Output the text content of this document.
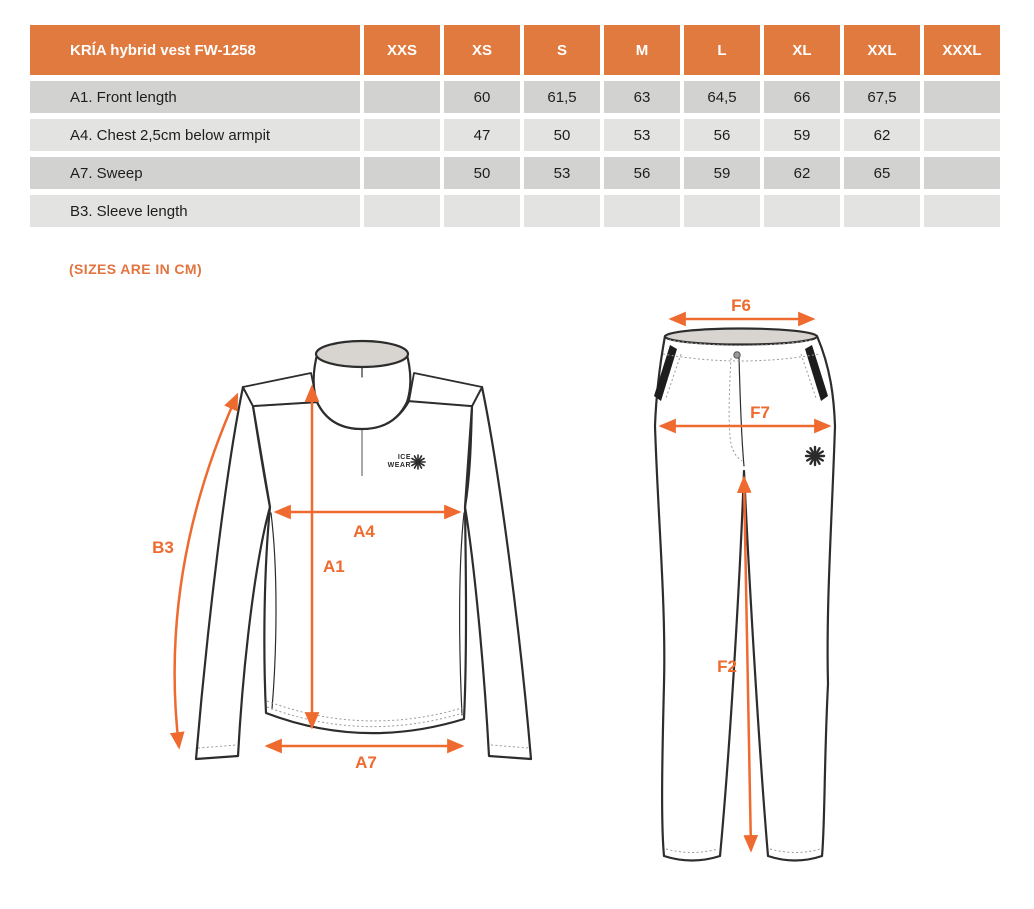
KRÍA hybrid vest FW-1258	XXS	XS	S	M	L	XL	XXL	XXXL
A1. Front length		60	61,5	63	64,5	66	67,5	
A4. Chest 2,5cm below armpit		47	50	53	56	59	62	
A7. Sweep		50	53	56	59	62	65	
B3. Sleeve length								
(SIZES ARE IN CM)
ICE
WEAR
B3
A4
A1
A7
F6
F7
F2
